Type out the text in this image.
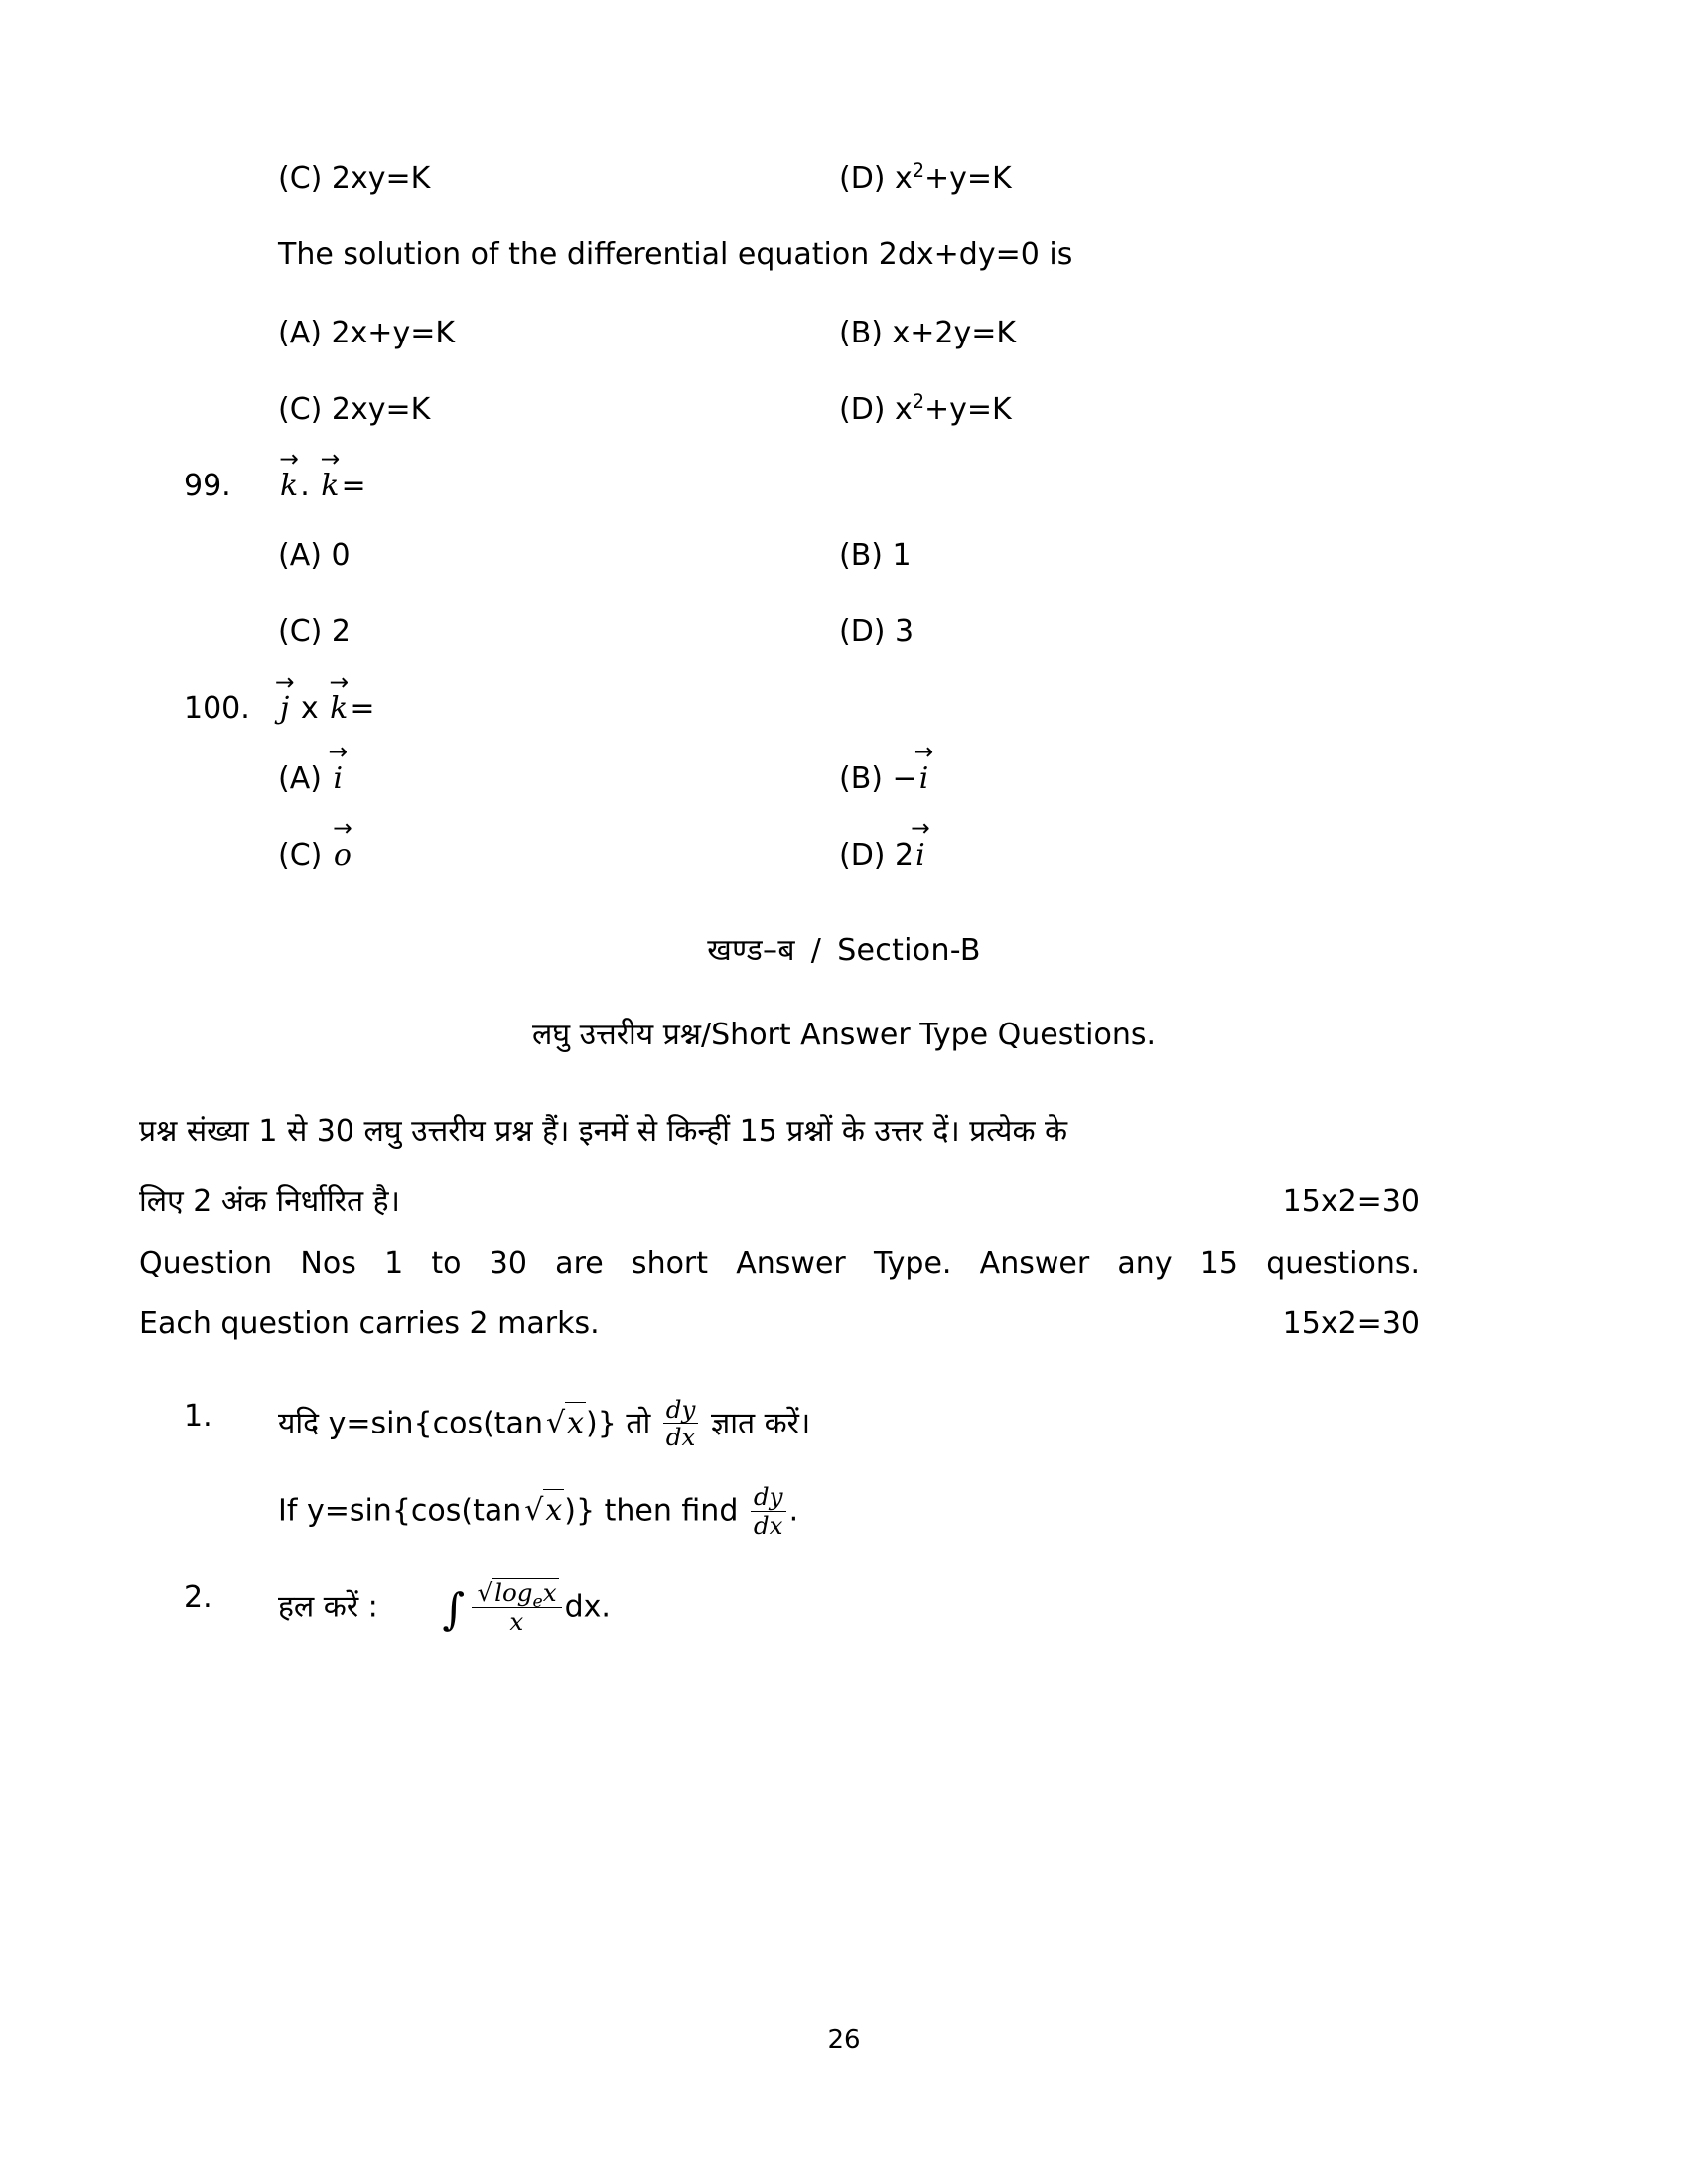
(C) 2xy=K	(D) $x^2+y=K$
The solution of the differential equation 2dx+dy=0 is
(A) 2x+y=K	(B) x+2y=K
(C) 2xy=K	(D) $x^2+y=K$
99.	k →. k →=
(A) 0	(B) 1
(C) 2	(D) 3
100.	j → x k →=
(A) i →	(B) −i →
(C) o →	(D) 2i →
खण्ड–ब / Section-B
लघु उत्तरीय प्रश्न/Short Answer Type Questions.
प्रश्न संख्या 1 से 30 लघु उत्तरीय प्रश्न हैं। इनमें से किन्हीं 15 प्रश्नों के उत्तर दें। प्रत्येक के
लिए 2 अंक निर्धारित है।	15x2=30
Question Nos 1 to 30 are short Answer Type. Answer any 15 questions.
Each question carries 2 marks.	15x2=30
1.	यदि y=sin{cos(tan √x)} तो $\frac{dy}{dx}$ ज्ञात करें।
If y=sin{cos(tan √x)} then find $\frac{dy}{dx}$ .
2.	हल करें : ∫ $\frac{√\log_ex}{x}$ dx.
26
